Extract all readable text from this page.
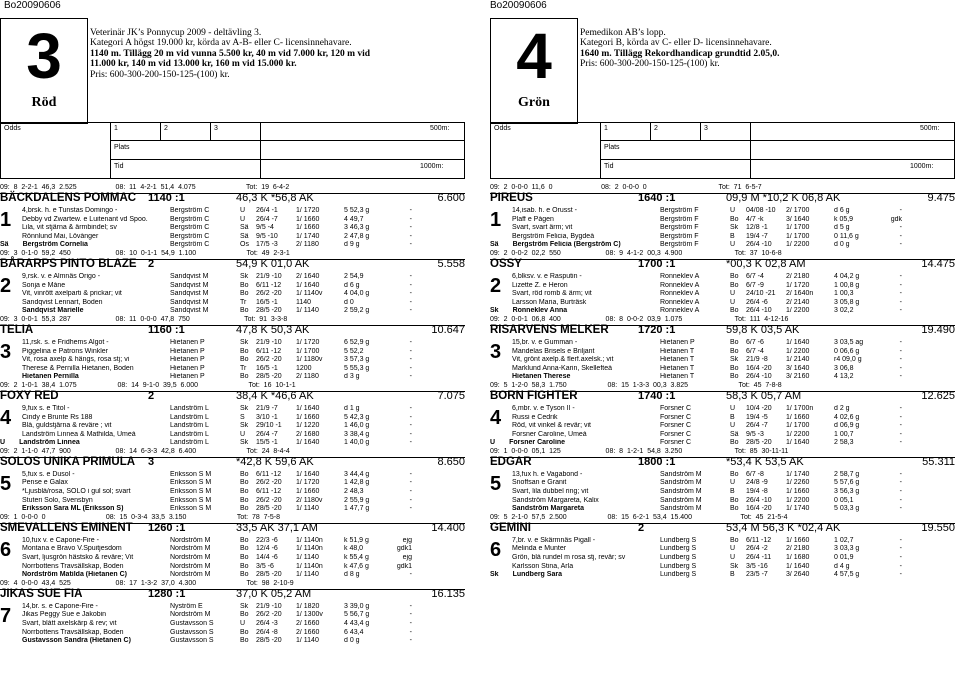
Bo20090606	Bo20090606
3
Röd
Veterinär JK’s Ponnycup 2009 - deltävling 3.
Kategori A högst 19.000 kr, körda av A-B- eller C- licensinnehavare.
1140 m. Tillägg 20 m vid vunna 5.500 kr, 40 m vid 7.000 kr, 120 m vid
11.000 kr, 140 m vid 13.000 kr, 160 m vid 15.000 kr.
Pris: 600-300-200-150-125-(100) kr.
Odds	1	2	3	500m:
Plats
Tid	1000m:
09:  8  2-2-1  46,3  2.525                    08:  11  4-2-1  51,4  4.075                          Tot:  19  6-4-2
BÄCKDALENS POMMAC	1140 :1	46,3 K *56,8 AK	6.600
1	4,brsk. h. e Tunstas Domingo -	Bergström C	U	26/4 -1	1/ 1720	5 52,3 g	-
Debby vd Zwartew. e Luitenant vd Spoo.	Bergström C	U	26/4 -7	1/ 1660	4 49,7	-
Lila, vit stjärna & ärmbindel; sv	Bergström C	Sä	9/5 -4	1/ 1660	3 46,3 g	-
Rönnlund Mai, Lövånger	Bergström C	Sä	9/5 -10	1/ 1740	2 47,8 g	-
Sä Bergström Cornelia	Bergström C	Ös	17/5 -3	2/ 1180	d 9 g	-
09:  3  0-1-0  59,2  450                       08:  10  0-1-1  54,9  1.100                          Tot:  49  2-3-1
BÅRARPS PINTO BLAZE	2	54,9 K 01,0 AK	5.558
2	9,rsk. v. e Almnäs Origo -	Sandqvist M	Sk	21/9 -10	2/ 1640	2 54,9	-
Sonja e Måne	Sandqvist M	Bo	6/11 -12	1/ 1640	d 6 g	-
Vit, vinrött axelparti & prickar; vit	Sandqvist M	Bo	26/2 -20	1/ 1140v	4 04,0 g	-
Sandqvist Lennart, Boden	Sandqvist M	Tr	16/5 -1	1140	d 0	-
Sandqvist Marielle	Sandqvist M	Bo	28/5 -20	1/ 1140	2 59,2 g	-
09:  3  0-0-1  55,3  287                       08:  11  0-0-0  47,8  750                            Tot:  91  3-3-8
TELIA	1160 :1	47,8 K 50,3 AK	10.647
3	11,rsk. s. e Fridhems Algot -	Hietanen P	Sk	21/9 -10	1/ 1720	6 52,9 g	-
Piggelina e Patrons Winkler	Hietanen P	Bo	6/11 -12	1/ 1700	5 52,2	-
Vit, rosa axelp & hängs, rosa stj; vi	Hietanen P	Bo	26/2 -20	1/ 1180v	3 57,3 g	-
Therese & Pernilla Hietanen, Boden	Hietanen P	Tr	16/5 -1	1200	5 55,3 g	-
Hietanen Pernilla	Hietanen P	Bo	28/5 -20	2/ 1180	d 3 g	-
09:  2  1-0-1  38,4  1.075                     08:  14  9-1-0  39,5  6.000                          Tot:  16  10-1-1
FOXY RED	2	38,4 K *46,6 AK	7.075
4	9,fux s. e Titol -	Landström L	Sk	21/9 -7	1/ 1640	d 1 g	-
Cindy e Brunte Rs 188	Landström L	S	3/10 -1	1/ 1660	5 42,3 g	-
Blå, guldstjärna & reväre ; vit	Landström L	Sk	29/10 -1	1/ 1220	1 46,0 g	-
Landström Linnea & Mathilda, Umeå	Landström L	U	26/4 -7	2/ 1680	3 38,4 g	-
U Landström Linnea	Landström L	Sk	15/5 -1	1/ 1640	1 40,0 g	-
09:  2  1-1-0  47,7  900                       08:  14  6-3-3  42,8  6.400                          Tot:  24  8-4-4
SOLOS UNIKA PRIMULA	3	*42,8 K 59,6 AK	8.650
5	5,fux s. e Dusol -	Eriksson S M	Bo	6/11 -12	1/ 1640	3 44,4 g	-
Pense e Galax	Eriksson S M	Bo	26/2 -20	1/ 1720	1 42,8 g	-
*Ljusblå/rosa, SOLO i gul sol; svart	Eriksson S M	Bo	6/11 -12	1/ 1660	2 48,3	-
Stuteri Solo, Svensbyn	Eriksson S M	Bo	26/2 -20	2/ 1180v	2 55,9 g	-
Eriksson Sara ML (Eriksson S)	Eriksson S M	Bo	28/5 -20	1/ 1140	1 47,7 g	-
09:  1  0-0-0  0                               08:  15  0-3-4  33,5  3.150                          Tot:  78  7-5-8
SMEVALLENS EMINENT	1260 :1	33,5 AK 37,1 AM	14.400
6	10,fux v. e Capone-Fire -	Nordström M	Bo	22/3 -6	1/ 1140n	k 51,9 g	ejg
Montana e Bravo V.Spuitjesdom	Nordström M	Bo	12/4 -6	1/ 1140n	k 48,0	gdk1
Svart, ljusgrön hästsko & reväre; Vit	Nordström M	Bo	14/4 -6	1/ 1140	k 55,4 g	ejg
Norrbottens Travsällskap, Boden	Nordström M	Bo	3/5 -6	1/ 1140n	k 47,6 g	gdk1
Nordström Matilda (Hietanen C)	Nordström M	Bo	28/5 -20	1/ 1140	d 8 g	-
09:  4  0-0-0  43,4  525                       08:  17  1-3-2  37,0  4.300                          Tot:  98  2-10-9
JIKAS SUE FIA	1280 :1	37,0 K 05,2 AM	16.135
7	14,br. s. e Capone-Fire -	Nyström E	Sk	21/9 -10	1/ 1820	3 39,0 g	-
Jikas Peggy Sue e Jakobin	Nordström M	Bo	26/2 -20	1/ 1300v	5 56,7 g	-
Svart, blått axelskärp & rev; vit	Gustavsson S	U	26/4 -3	2/ 1660	4 43,4 g	-
Norrbottens Travsällskap, Boden	Gustavsson S	Bo	26/4 -8	2/ 1660	6 43,4	-
Gustavsson Sandra (Hietanen C)	Gustavsson S	Bo	28/5 -20	1/ 1140	d 0 g	-
4
Grön
Pemedikon AB’s lopp.
Kategori B, körda av C- eller D- licensinnehavare.
1640 m. Tillägg Rekordhandicap grundtid 2.05,0.
Pris: 600-300-200-150-125-(100) kr.
Odds	1	2	3	500m:
Plats
Tid	1000m:
09:  2  0-0-0  11,6  0                         08:  2  0-0-0  0                                     Tot:  71  6-5-7
PIREUS	1640 :1	09,9 M *10,2 K 06,8 AK	9.475
1	14,isab. h. e Orusst -	Bergström F	U	04/08 -10	2/ 1700	d 6 g	-
Plaff e Pågen	Bergström F	Bo	4/7 -k	3/ 1640	k 05,9	gdk
Svart, svart ärm; vit	Bergström F	Sk	12/8 -1	1/ 1700	d 5 g	-
Bergström Felicia, Bygdeå	Bergström F	B	19/4 -7	1/ 1700	0 11,6 g	-
Sä Bergström Felicia (Bergström C)	Bergström F	U	26/4 -10	1/ 2200	d 0 g	-
09:  2  0-0-2  02,2  550                       08:  9  4-1-2  00,3  4.900                           Tot:  37  10-6-8
OSSY	1700 :1	*00,3 K 02,8 AM	14.475
2	6,blksv. v. e Rasputin -	Ronneklev A	Bo	6/7 -4	2/ 2180	4 04,2 g	-
Lizette Z. e Heron	Ronneklev A	Bo	6/7 -9	1/ 1720	1 00,8 g	-
Svart, röd romb & ärm; vit	Ronneklev A	U	24/10 -21	2/ 1640n	1 00,3	-
Larsson Maria, Burträsk	Ronneklev A	U	26/4 -6	2/ 2140	3 05,8 g	-
Sk Ronneklev Anna	Ronneklev A	Bo	26/4 -10	1/ 2200	3 02,2	-
09:  2  0-0-1  06,8  400                       08:  8  0-0-2  03,9  1.075                           Tot:  111  4-12-16
RISARVENS MELKER	1720 :1	59,8 K 03,5 AK	19.490
3	15,br. v. e Gumman -	Hietanen P	Bo	6/7 -6	1/ 1640	3 03,5 ag	-
Mandelas Brisels e Briljant	Hietanen T	Bo	6/7 -4	1/ 2200	0 06,6 g	-
Vit, grönt axelp.& flerf.axelsk.; vit	Hietanen T	Sk	21/9 -8	1/ 2140	r4 09,0 g	-
Marklund Anna-Karin, Skellefteå	Hietanen T	Bo	16/4 -20	3/ 1640	3 06,8	-
Hietanen Therese	Hietanen T	Bo	26/4 -10	3/ 2160	4 13,2	-
09:  5  1-2-0  58,3  1.750                     08:  15  1-3-3  00,3  3.825                          Tot:  45  7-8-8
BORN FIGHTER	1740 :1	58,3 K 05,7 AM	12.625
4	6,mbr. v. e Tyson II -	Forsner C	U	10/4 -20	1/ 1700n	d 2 g	-
Russi e Cedrik	Forsner C	B	19/4 -5	1/ 1660	4 02,6 g	-
Röd, vit vinkel & revär; vit	Forsner C	U	26/4 -7	1/ 1700	d 06,9 g	-
Forsner Caroline, Umeå	Forsner C	Sä	9/5 -3	1/ 2200	1 00,7	-
U Forsner Caroline	Forsner C	Bo	28/5 -20	1/ 1640	2 58,3	-
09:  1  0-0-0  05,1  125                       08:  8  1-2-1  54,8  3.250                           Tot:  85  30-11-11
EDGAR	1800 :1	*53,4 K 53,5 AK	55.311
5	13,fux h. e Vagabond -	Sandström M	Bo	6/7 -8	1/ 1740	2 58,7 g	-
Snoffsan e Granit	Sandström M	U	24/8 -9	1/ 2260	5 57,6 g	-
Svart, lila dubbel ring; vit	Sandström M	B	19/4 -8	1/ 1660	3 56,3 g	-
Sandström Margareta, Kalix	Sandström M	Bo	26/4 -10	1/ 2200	0 05,1	-
Sandström Margareta	Sandström M	Bo	16/4 -20	1/ 1740	5 03,3 g	-
09:  5  2-1-0  57,5  2.500                     08:  15  6-2-1  53,4  15.400                         Tot:  45  21-5-4
GEMINI	2	53,4 M 56,3 K *02,4 AK	19.550
6	7,br. v. e Skärmnäs Pigall -	Lundberg S	Bo	6/11 -12	1/ 1660	1 02,7	-
Melinda e Munter	Lundberg S	U	26/4 -2	2/ 2180	3 03,3 g	-
Grön, blå rundel m rosa stj, revär; sv	Lundberg S	U	26/4 -11	1/ 1680	0 01,9	-
Karlsson Stina, Arla	Lundberg S	Sk	3/5 -16	1/ 1640	d 4 g	-
Sk Lundberg Sara	Lundberg S	B	23/5 -7	3/ 2640	4 57,5 g	-
